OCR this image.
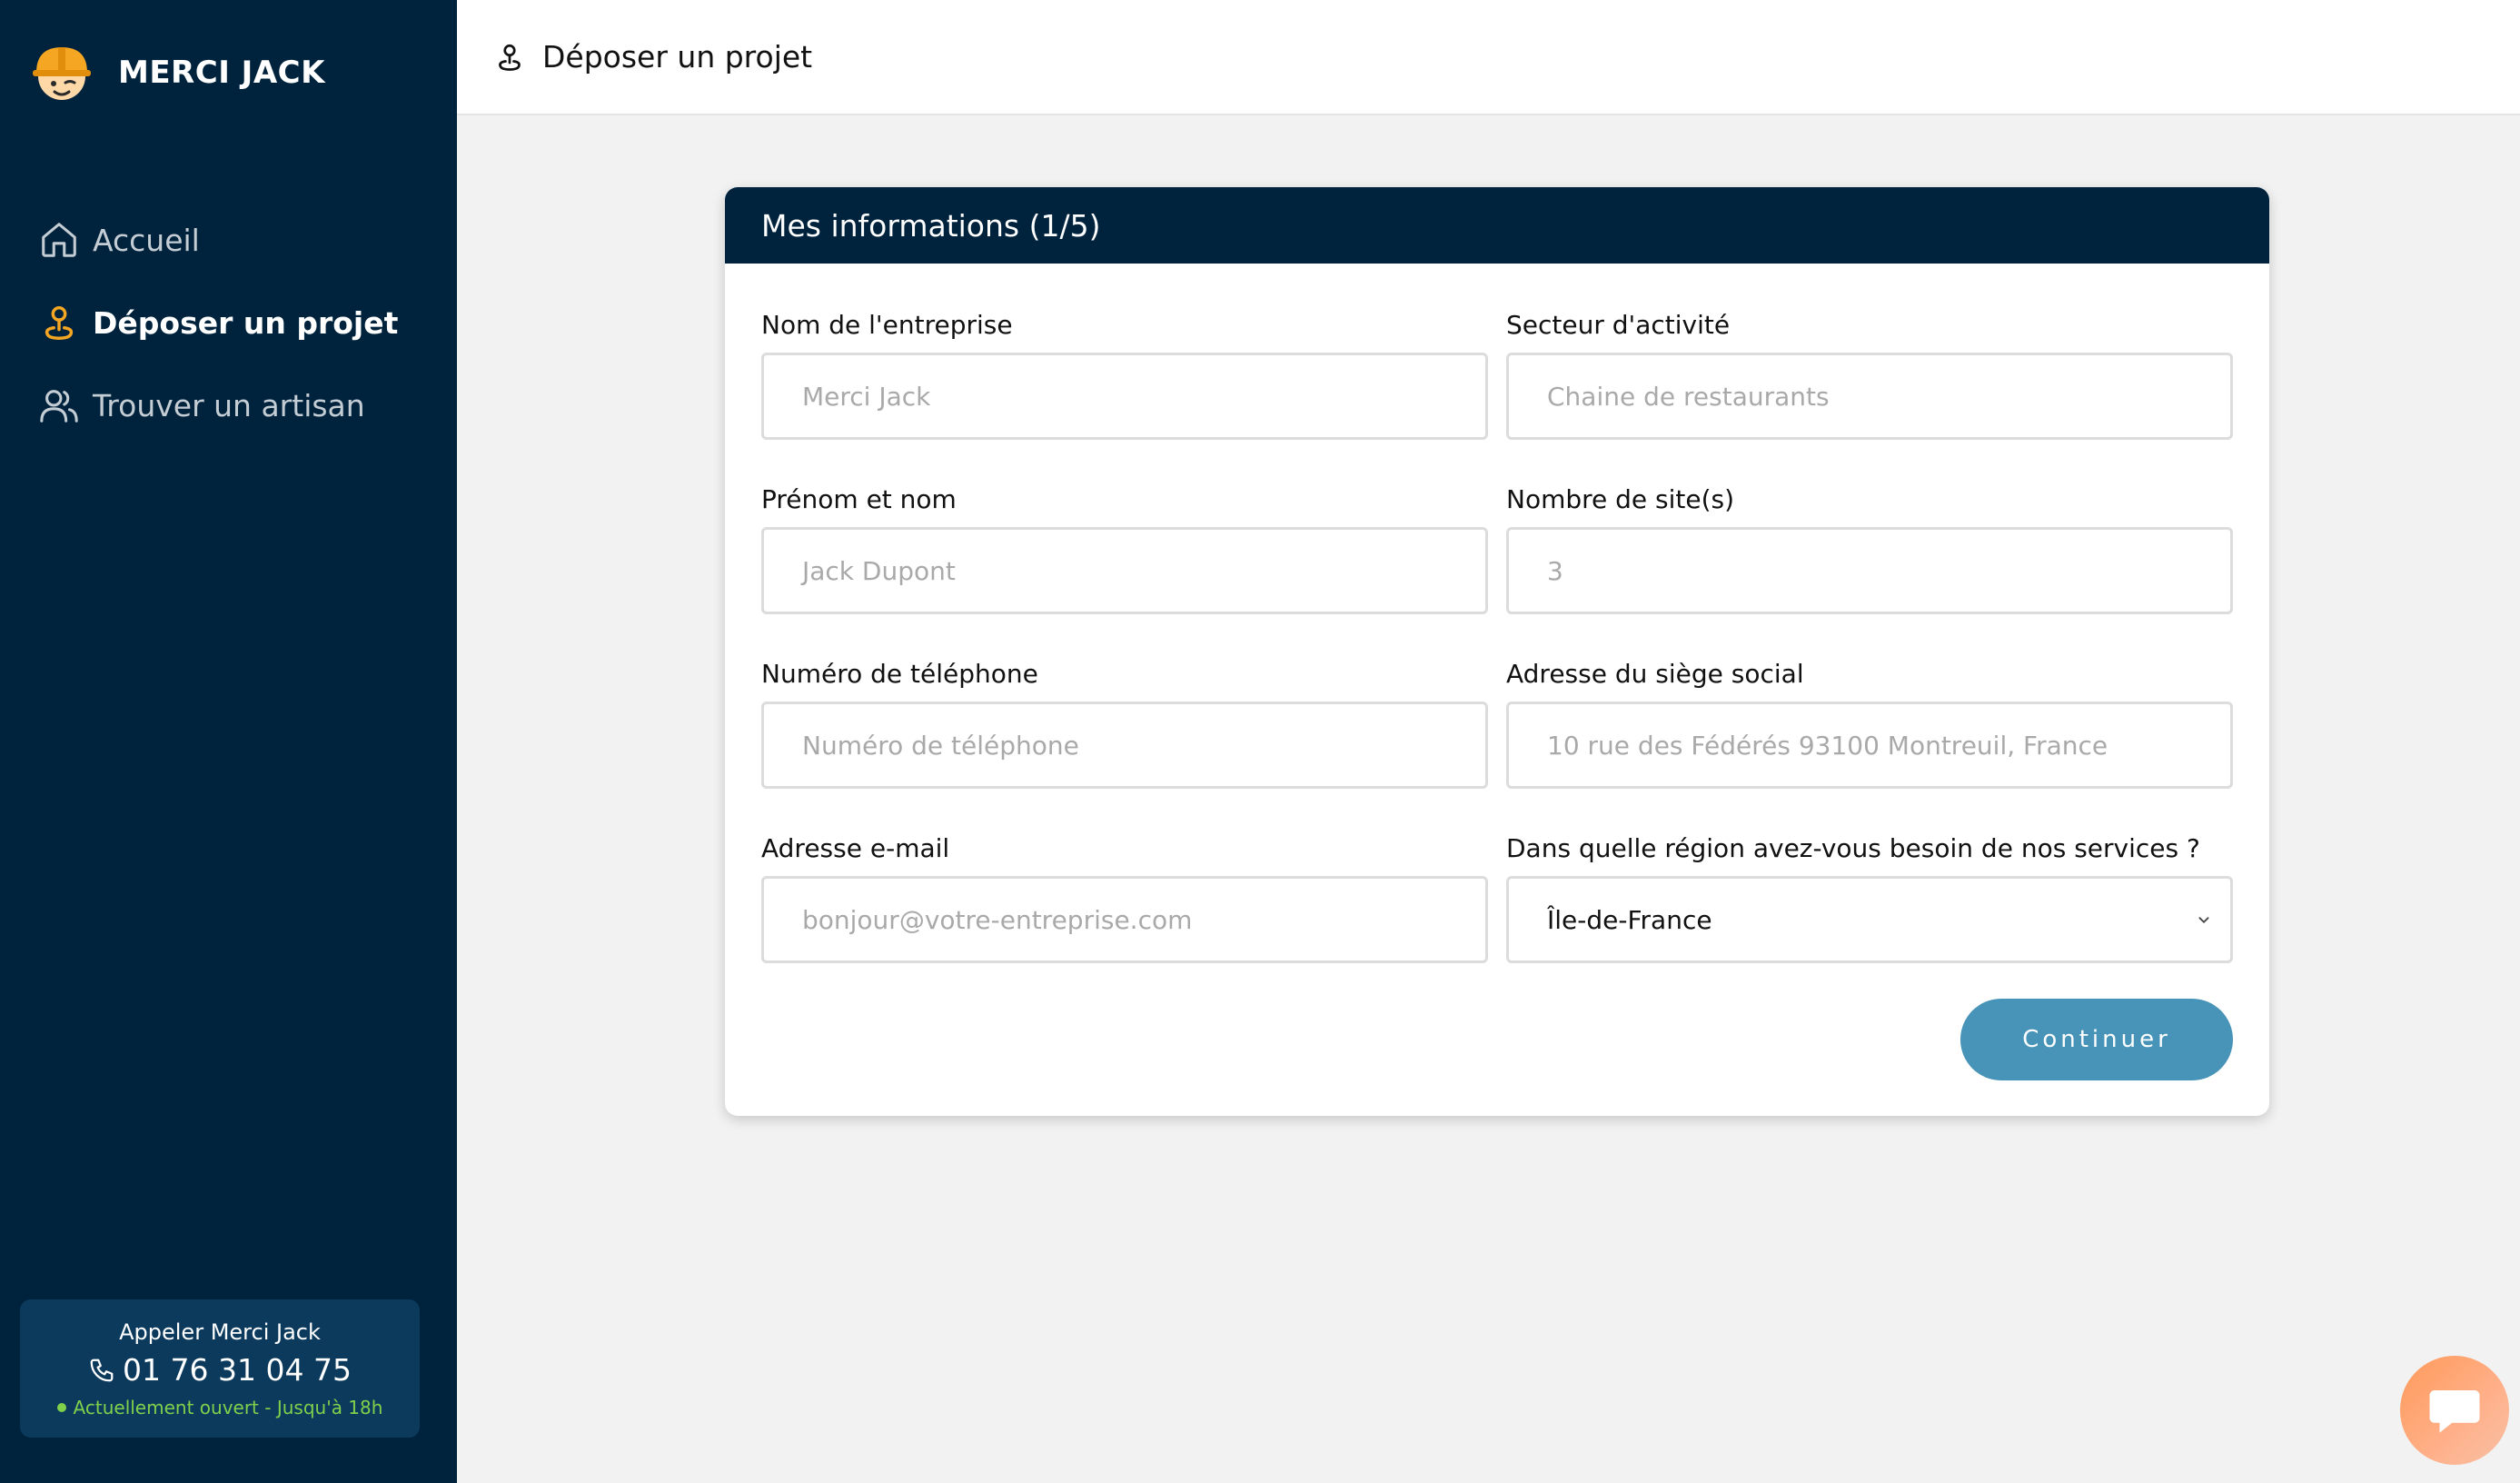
MERCI JACK
Accueil
Déposer un projet
Trouver un artisan
Appeler Merci Jack
01 76 31 04 75
Actuellement ouvert - Jusqu'à 18h
Déposer un projet
Mes informations (1/5)
Nom de l'entreprise
Merci Jack
Secteur d'activité
Chaine de restaurants
Prénom et nom
Jack Dupont
Nombre de site(s)
3
Numéro de téléphone
Numéro de téléphone
Adresse du siège social
10 rue des Fédérés 93100 Montreuil, France
Adresse e-mail
bonjour@votre-entreprise.com
Dans quelle région avez-vous besoin de nos services ?
Île-de-France
Continuer
